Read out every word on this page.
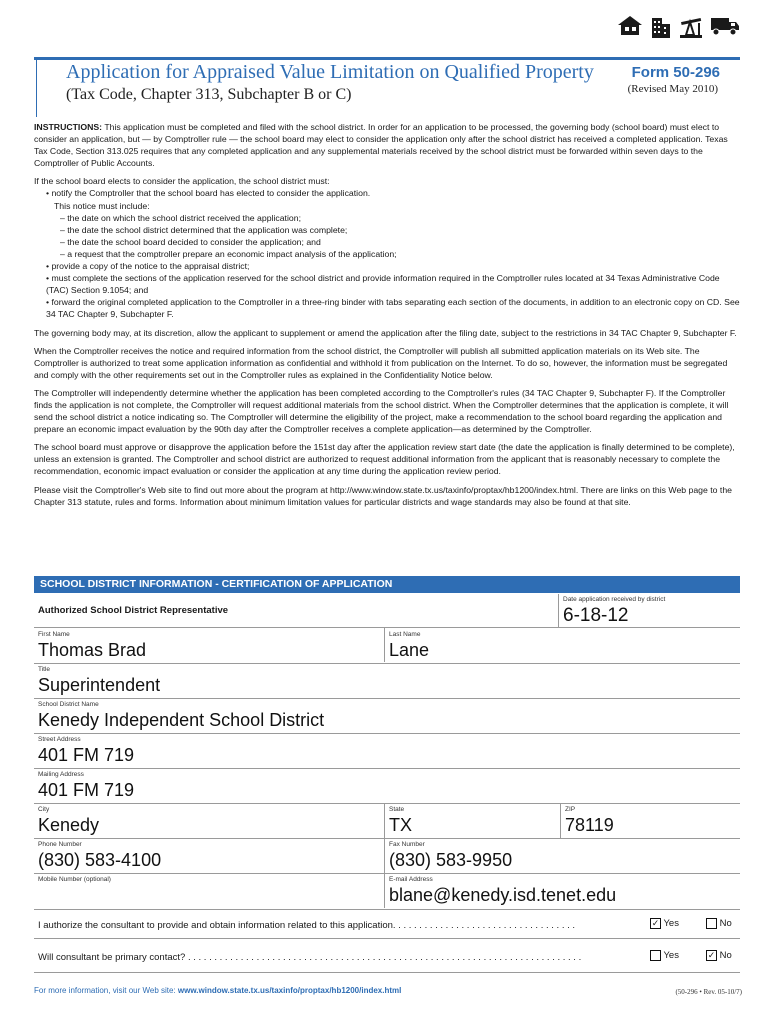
Application for Appraised Value Limitation on Qualified Property
(Tax Code, Chapter 313, Subchapter B or C)
Form 50-296
(Revised May 2010)

INSTRUCTIONS: This application must be completed and filed with the school district. In order for an application to be processed, the governing body (school board) must elect to consider an application, but — by Comptroller rule — the school board may elect to consider the application only after the school district has received a completed application. Texas Tax Code, Section 313.025 requires that any completed application and any supplemental materials received by the school district must be forwarded within seven days to the Comptroller of Public Accounts.

If the school board elects to consider the application, the school district must:
• notify the Comptroller that the school board has elected to consider the application.
This notice must include:
– the date on which the school district received the application;
– the date the school district determined that the application was complete;
– the date the school board decided to consider the application; and
– a request that the comptroller prepare an economic impact analysis of the application;
• provide a copy of the notice to the appraisal district;
• must complete the sections of the application reserved for the school district and provide information required in the Comptroller rules located at 34 Texas Administrative Code (TAC) Section 9.1054; and
• forward the original completed application to the Comptroller in a three-ring binder with tabs separating each section of the documents, in addition to an electronic copy on CD. See 34 TAC Chapter 9, Subchapter F.

The governing body may, at its discretion, allow the applicant to supplement or amend the application after the filing date, subject to the restrictions in 34 TAC Chapter 9, Subchapter F.

When the Comptroller receives the notice and required information from the school district, the Comptroller will publish all submitted application materials on its Web site. The Comptroller is authorized to treat some application information as confidential and withhold it from publication on the Internet. To do so, however, the information must be segregated and comply with the other requirements set out in the Comptroller rules as explained in the Confidentiality Notice below.

The Comptroller will independently determine whether the application has been completed according to the Comptroller's rules (34 TAC Chapter 9, Subchapter F). If the Comptroller finds the application is not complete, the Comptroller will request additional materials from the school district. When the Comptroller determines that the application is complete, it will send the school district a notice indicating so. The Comptroller will determine the eligibility of the project, make a recommendation to the school board regarding the application and prepare an economic impact evaluation by the 90th day after the Comptroller receives a complete application—as determined by the Comptroller.

The school board must approve or disapprove the application before the 151st day after the application review start date (the date the application is finally determined to be complete), unless an extension is granted. The Comptroller and school district are authorized to request additional information from the applicant that is reasonably necessary to complete the recommendation, economic impact evaluation or consider the application at any time during the application review period.

Please visit the Comptroller's Web site to find out more about the program at http://www.window.state.tx.us/taxinfo/proptax/hb1200/index.html. There are links on this Web page to the Chapter 313 statute, rules and forms. Information about minimum limitation values for particular districts and wage standards may also be found at that site.

SCHOOL DISTRICT INFORMATION - CERTIFICATION OF APPLICATION
Authorized School District Representative
Date application received by district
6-18-12
First Name
Thomas Brad
Last Name
Lane
Title
Superintendent
School District Name
Kenedy Independent School District
Street Address
401 FM 719
Mailing Address
401 FM 719
City
Kenedy
State
TX
ZIP
78119
Phone Number
(830) 583-4100
Fax Number
(830) 583-9950
Mobile Number (optional)	E-mail Address
blane@kenedy.isd.tenet.edu
I authorize the consultant to provide and obtain information related to this application. . . . . . . . . . . . . . . . . . . . . . . . . . . . . . . . . . .	✓ Yes	No
Will consultant be primary contact? . . . . . . . . . . . . . . . . . . . . . . . . . . . . . . . . . . . . . . . . . . . . . . . . . . . . . . . . . . . . . . . . . . . . . . . . . . .	Yes	✓ No
For more information, visit our Web site: www.window.state.tx.us/taxinfo/proptax/hb1200/index.html	(50-296 • Rev. 05-10/7)
